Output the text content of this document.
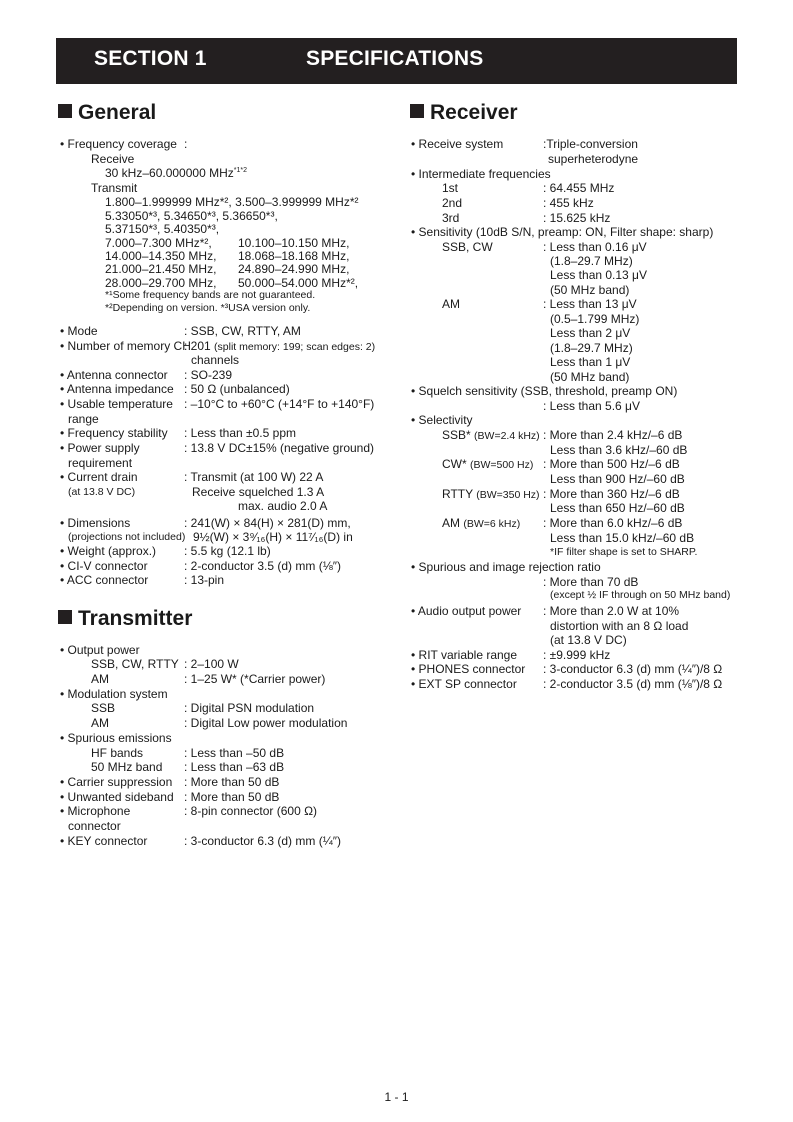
SECTION 1	SPECIFICATIONS
General
• Frequency coverage :
Receive
30 kHz–60.000000 MHz$^{*1*2}$
Transmit
1.800–1.999999 MHz*², 3.500–3.999999 MHz*²
5.33050*³, 5.34650*³, 5.36650*³,
5.37150*³, 5.40350*³,
7.000–7.300 MHz*², 10.100–10.150 MHz,
14.000–14.350 MHz, 18.068–18.168 MHz,
21.000–21.450 MHz, 24.890–24.990 MHz,
28.000–29.700 MHz, 50.000–54.000 MHz*²,
*¹Some frequency bands are not guaranteed.
*²Depending on version. *³USA version only.
• Mode	: SSB, CW, RTTY, AM
• Number of memory CH
: 201 (split memory: 199; scan edges: 2)
channels
• Antenna connector : SO-239
• Antenna impedance : 50 Ω (unbalanced)
• Usable temperature : –10°C to +60°C (+14°F to +140°F)
range
• Frequency stability : Less than ±0.5 ppm
• Power supply	: 13.8 V DC±15% (negative ground)
requirement
• Current drain	: Transmit (at 100 W) 22 A
(at 13.8 V DC)	Receive squelched 1.3 A
max. audio 2.0 A
• Dimensions	: 241(W) × 84(H) × 281(D) mm,
(projections not included) 9½(W) × 3⁹⁄₁₆(H) × 11⁷⁄₁₆(D) in
• Weight (approx.) : 5.5 kg (12.1 lb)
• CI-V connector	: 2-conductor 3.5 (d) mm (⅛″)
• ACC connector	: 13-pin
Transmitter
• Output power
SSB, CW, RTTY : 2–100 W
AM	: 1–25 W* (*Carrier power)
• Modulation system
SSB	: Digital PSN modulation
AM	: Digital Low power modulation
• Spurious emissions
HF bands	: Less than –50 dB
50 MHz band : Less than –63 dB
• Carrier suppression : More than 50 dB
• Unwanted sideband : More than 50 dB
• Microphone	: 8-pin connector (600 Ω)
connector
• KEY connector	: 3-conductor 6.3 (d) mm (¼″)
Receiver
• Receive system	:Triple-conversion
superheterodyne
• Intermediate frequencies
1st	: 64.455 MHz
2nd	: 455 kHz
3rd	: 15.625 kHz
• Sensitivity (10dB S/N, preamp: ON, Filter shape: sharp)
SSB, CW	: Less than 0.16 μV
(1.8–29.7 MHz)
Less than 0.13 μV
(50 MHz band)
AM	: Less than 13 μV
(0.5–1.799 MHz)
Less than 2 μV
(1.8–29.7 MHz)
Less than 1 μV
(50 MHz band)
• Squelch sensitivity (SSB, threshold, preamp ON)
: Less than 5.6 μV
• Selectivity
SSB* (BW=2.4 kHz) : More than 2.4 kHz/–6 dB
Less than 3.6 kHz/–60 dB
CW* (BW=500 Hz) : More than 500 Hz/–6 dB
Less than 900 Hz/–60 dB
RTTY (BW=350 Hz) : More than 360 Hz/–6 dB
Less than 650 Hz/–60 dB
AM (BW=6 kHz) : More than 6.0 kHz/–6 dB
Less than 15.0 kHz/–60 dB
*IF filter shape is set to SHARP.
• Spurious and image rejection ratio
: More than 70 dB
(except ½ IF through on 50 MHz band)
• Audio output power : More than 2.0 W at 10%
distortion with an 8 Ω load
(at 13.8 V DC)
• RIT variable range : ±9.999 kHz
• PHONES connector : 3-conductor 6.3 (d) mm (¼″)/8 Ω
• EXT SP connector : 2-conductor 3.5 (d) mm (⅛″)/8 Ω
1 - 1
